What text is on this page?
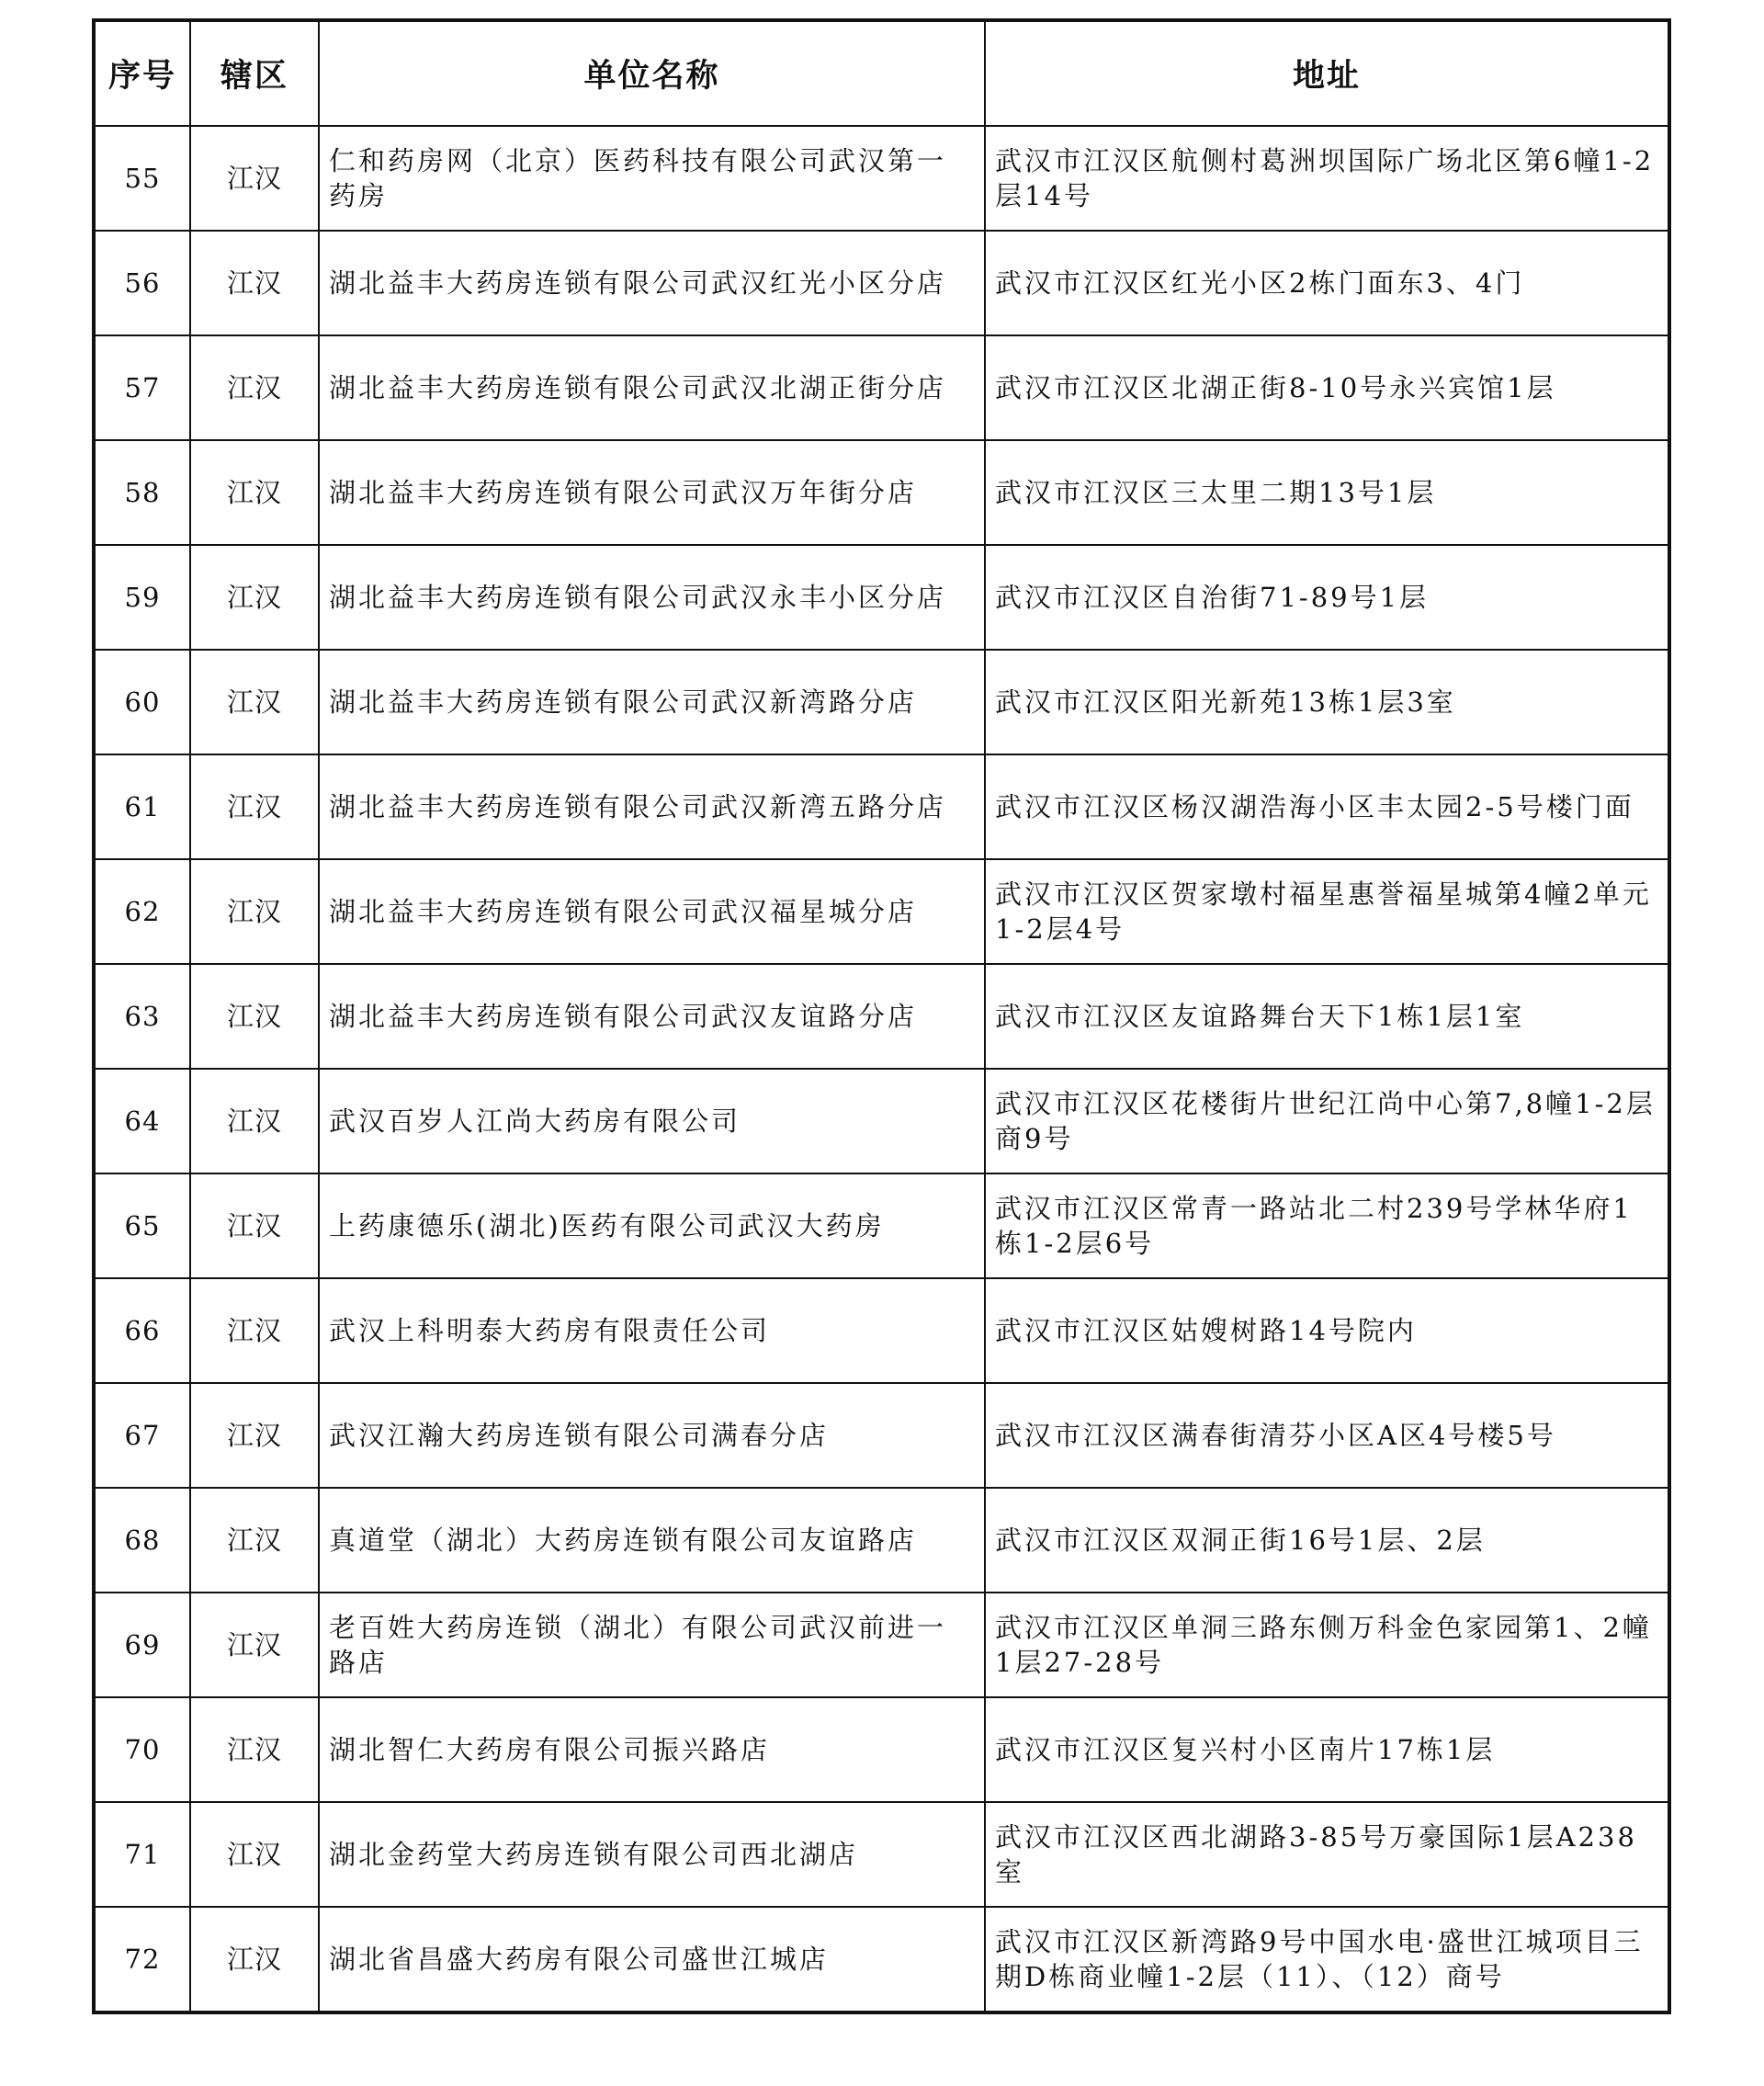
序号	辖区	单位名称	地址
55	江汉	仁和药房网（北京）医药科技有限公司武汉第一药房	武汉市江汉区航侧村葛洲坝国际广场北区第6幢1-2层14号
56	江汉	湖北益丰大药房连锁有限公司武汉红光小区分店	武汉市江汉区红光小区2栋门面东3、4门
57	江汉	湖北益丰大药房连锁有限公司武汉北湖正街分店	武汉市江汉区北湖正街8-10号永兴宾馆1层
58	江汉	湖北益丰大药房连锁有限公司武汉万年街分店	武汉市江汉区三太里二期13号1层
59	江汉	湖北益丰大药房连锁有限公司武汉永丰小区分店	武汉市江汉区自治街71-89号1层
60	江汉	湖北益丰大药房连锁有限公司武汉新湾路分店	武汉市江汉区阳光新苑13栋1层3室
61	江汉	湖北益丰大药房连锁有限公司武汉新湾五路分店	武汉市江汉区杨汉湖浩海小区丰太园2-5号楼门面
62	江汉	湖北益丰大药房连锁有限公司武汉福星城分店	武汉市江汉区贺家墩村福星惠誉福星城第4幢2单元1-2层4号
63	江汉	湖北益丰大药房连锁有限公司武汉友谊路分店	武汉市江汉区友谊路舞台天下1栋1层1室
64	江汉	武汉百岁人江尚大药房有限公司	武汉市江汉区花楼街片世纪江尚中心第7,8幢1-2层商9号
65	江汉	上药康德乐(湖北)医药有限公司武汉大药房	武汉市江汉区常青一路站北二村239号学林华府1栋1-2层6号
66	江汉	武汉上科明泰大药房有限责任公司	武汉市江汉区姑嫂树路14号院内
67	江汉	武汉江瀚大药房连锁有限公司满春分店	武汉市江汉区满春街清芬小区A区4号楼5号
68	江汉	真道堂（湖北）大药房连锁有限公司友谊路店	武汉市江汉区双洞正街16号1层、2层
69	江汉	老百姓大药房连锁（湖北）有限公司武汉前进一路店	武汉市江汉区单洞三路东侧万科金色家园第1、2幢1层27-28号
70	江汉	湖北智仁大药房有限公司振兴路店	武汉市江汉区复兴村小区南片17栋1层
71	江汉	湖北金药堂大药房连锁有限公司西北湖店	武汉市江汉区西北湖路3-85号万豪国际1层A238室
72	江汉	湖北省昌盛大药房有限公司盛世江城店	武汉市江汉区新湾路9号中国水电·盛世江城项目三期D栋商业幢1-2层（11）、（12）商号
